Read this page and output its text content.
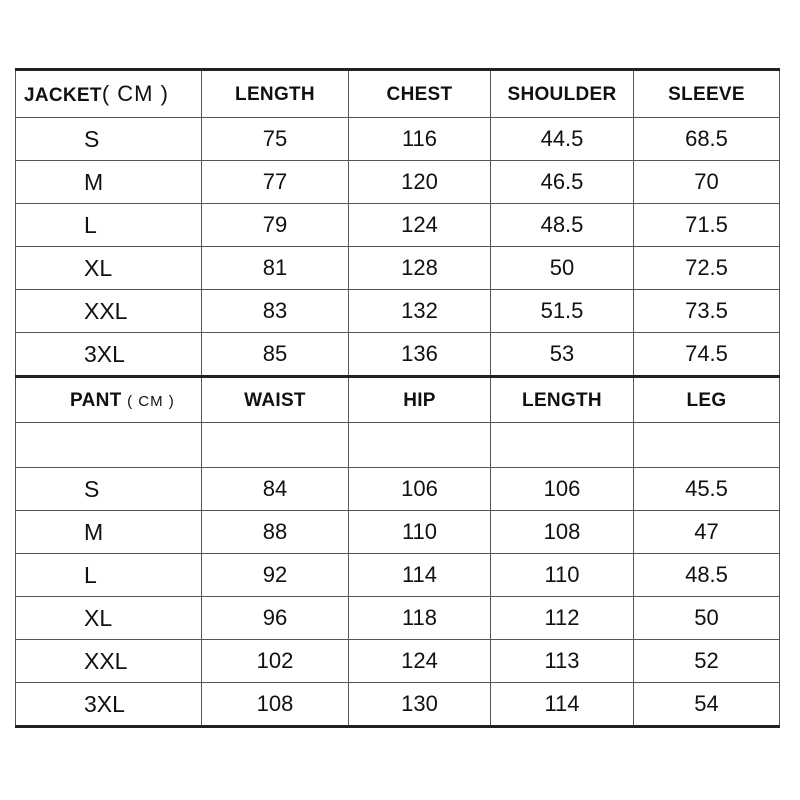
JACKET( CM )	LENGTH	CHEST	SHOULDER	SLEEVE
S	75	116	44.5	68.5
M	77	120	46.5	70
L	79	124	48.5	71.5
XL	81	128	50	72.5
XXL	83	132	51.5	73.5
3XL	85	136	53	74.5
PANT ( CM )	WAIST	HIP	LENGTH	LEG

S	84	106	106	45.5
M	88	110	108	47
L	92	114	110	48.5
XL	96	118	112	50
XXL	102	124	113	52
3XL	108	130	114	54
